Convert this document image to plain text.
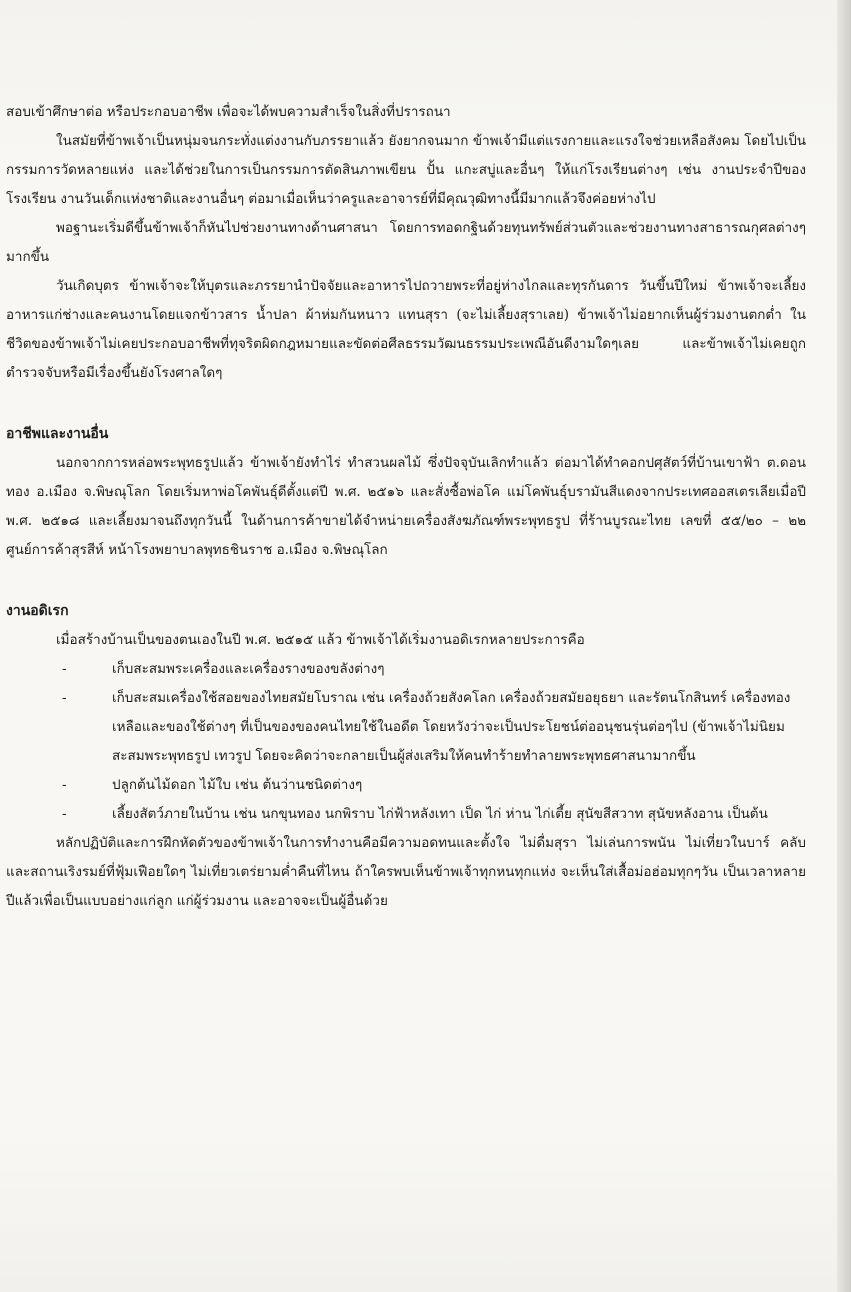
สอบเข้าศึกษาต่อ หรือประกอบอาชีพ เพื่อจะได้พบความสำเร็จในสิ่งที่ปรารถนา

ในสมัยที่ข้าพเจ้าเป็นหนุ่มจนกระทั่งแต่งงานกับภรรยาแล้ว ยังยากจนมาก ข้าพเจ้ามีแต่แรงกายและแรงใจช่วยเหลือสังคม โดยไปเป็นกรรมการวัดหลายแห่ง และได้ช่วยในการเป็นกรรมการตัดสินภาพเขียน ปั้น แกะสบู่และอื่นๆ ให้แก่โรงเรียนต่างๆ เช่น งานประจำปีของโรงเรียน งานวันเด็กแห่งชาติและงานอื่นๆ ต่อมาเมื่อเห็นว่าครูและอาจารย์ที่มีคุณวุฒิทางนี้มีมากแล้วจึงค่อยห่างไป

พอฐานะเริ่มดีขึ้นข้าพเจ้าก็หันไปช่วยงานทางด้านศาสนา โดยการทอดกฐินด้วยทุนทรัพย์ส่วนตัวและช่วยงานทางสาธารณกุศลต่างๆมากขึ้น

วันเกิดบุตร ข้าพเจ้าจะให้บุตรและภรรยานำปัจจัยและอาหารไปถวายพระที่อยู่ห่างไกลและทุรกันดาร วันขึ้นปีใหม่ ข้าพเจ้าจะเลี้ยงอาหารแก่ช่างและคนงานโดยแจกข้าวสาร น้ำปลา ผ้าห่มกันหนาว แทนสุรา (จะไม่เลี้ยงสุราเลย) ข้าพเจ้าไม่อยากเห็นผู้ร่วมงานตกต่ำ ในชีวิตของข้าพเจ้าไม่เคยประกอบอาชีพที่ทุจริตผิดกฎหมายและขัดต่อศีลธรรมวัฒนธรรมประเพณีอันดีงามใดๆเลย และข้าพเจ้าไม่เคยถูกตำรวจจับหรือมีเรื่องขึ้นยังโรงศาลใดๆ

อาชีพและงานอื่น

นอกจากการหล่อพระพุทธรูปแล้ว ข้าพเจ้ายังทำไร่ ทำสวนผลไม้ ซึ่งปัจจุบันเลิกทำแล้ว ต่อมาได้ทำคอกปศุสัตว์ที่บ้านเขาฟ้า ต.ดอนทอง อ.เมือง จ.พิษณุโลก โดยเริ่มหาพ่อโคพันธุ์ดีตั้งแต่ปี พ.ศ. ๒๕๑๖ และสั่งซื้อพ่อโค แม่โคพันธุ์บรามันสีแดงจากประเทศออสเตรเลียเมื่อปี พ.ศ. ๒๕๑๘ และเลี้ยงมาจนถึงทุกวันนี้ ในด้านการค้าขายได้จำหน่ายเครื่องสังฆภัณฑ์พระพุทธรูป ที่ร้านบูรณะไทย เลขที่ ๕๕/๒๐ – ๒๒ ศูนย์การค้าสุรสีห์ หน้าโรงพยาบาลพุทธชินราช อ.เมือง จ.พิษณุโลก

งานอดิเรก

เมื่อสร้างบ้านเป็นของตนเองในปี พ.ศ. ๒๕๑๕ แล้ว ข้าพเจ้าได้เริ่มงานอดิเรกหลายประการคือ

-	เก็บสะสมพระเครื่องและเครื่องรางของขลังต่างๆ
-	เก็บสะสมเครื่องใช้สอยของไทยสมัยโบราณ เช่น เครื่องถ้วยสังคโลก เครื่องถ้วยสมัยอยุธยา และรัตนโกสินทร์ เครื่องทองเหลือและของใช้ต่างๆ ที่เป็นของของคนไทยใช้ในอดีต โดยหวังว่าจะเป็นประโยชน์ต่ออนุชนรุ่นต่อๆไป (ข้าพเจ้าไม่นิยมสะสมพระพุทธรูป เทวรูป โดยจะคิดว่าจะกลายเป็นผู้ส่งเสริมให้คนทำร้ายทำลายพระพุทธศาสนามากขึ้น
-	ปลูกต้นไม้ดอก ไม้ใบ เช่น ต้นว่านชนิดต่างๆ
-	เลี้ยงสัตว์ภายในบ้าน เช่น นกขุนทอง นกพิราบ ไก่ฟ้าหลังเทา เป็ด ไก่ ห่าน ไก่เตี้ย สุนัขสีสวาท สุนัขหลังอาน เป็นต้น

หลักปฏิบัติและการฝึกหัดตัวของข้าพเจ้าในการทำงานคือมีความอดทนและตั้งใจ ไม่ดื่มสุรา ไม่เล่นการพนัน ไม่เที่ยวในบาร์ คลับ และสถานเริงรมย์ที่ฟุ้มเฟือยใดๆ ไม่เที่ยวเตร่ยามค่ำคืนที่ไหน ถ้าใครพบเห็นข้าพเจ้าทุกหนทุกแห่ง จะเห็นใส่เสื้อม่อฮ่อมทุกๆวัน เป็นเวลาหลายปีแล้วเพื่อเป็นแบบอย่างแก่ลูก แก่ผู้ร่วมงาน และอาจจะเป็นผู้อื่นด้วย
